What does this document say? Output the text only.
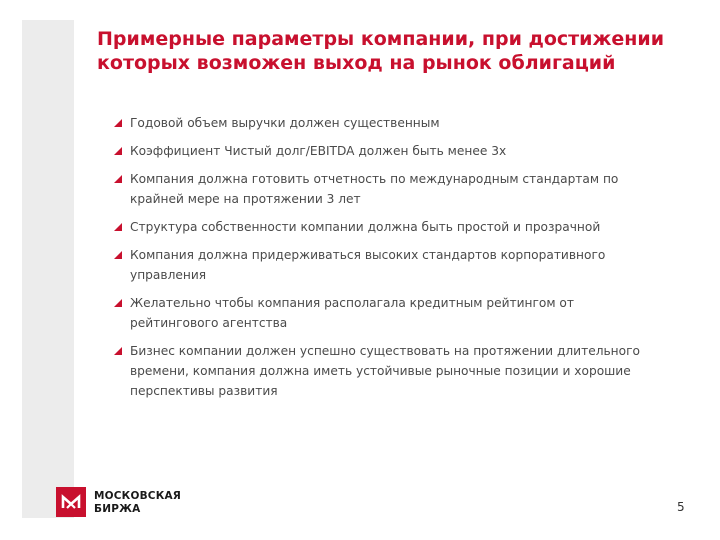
Примерные параметры компании, при достижении
которых возможен выход на рынок облигаций
Годовой объем выручки должен существенным
Коэффициент Чистый долг/EBITDA должен быть менее 3х
Компания должна готовить отчетность по международным стандартам по
крайней мере на протяжении 3 лет
Структура собственности компании должна быть простой и прозрачной
Компания должна придерживаться высоких стандартов корпоративного
управления
Желательно чтобы компания располагала кредитным рейтингом от
рейтингового агентства
Бизнес компании должен успешно существовать на протяжении длительного
времени, компания должна иметь устойчивые рыночные позиции и хорошие
перспективы развития
МОСКОВСКАЯ
БИРЖА	5
